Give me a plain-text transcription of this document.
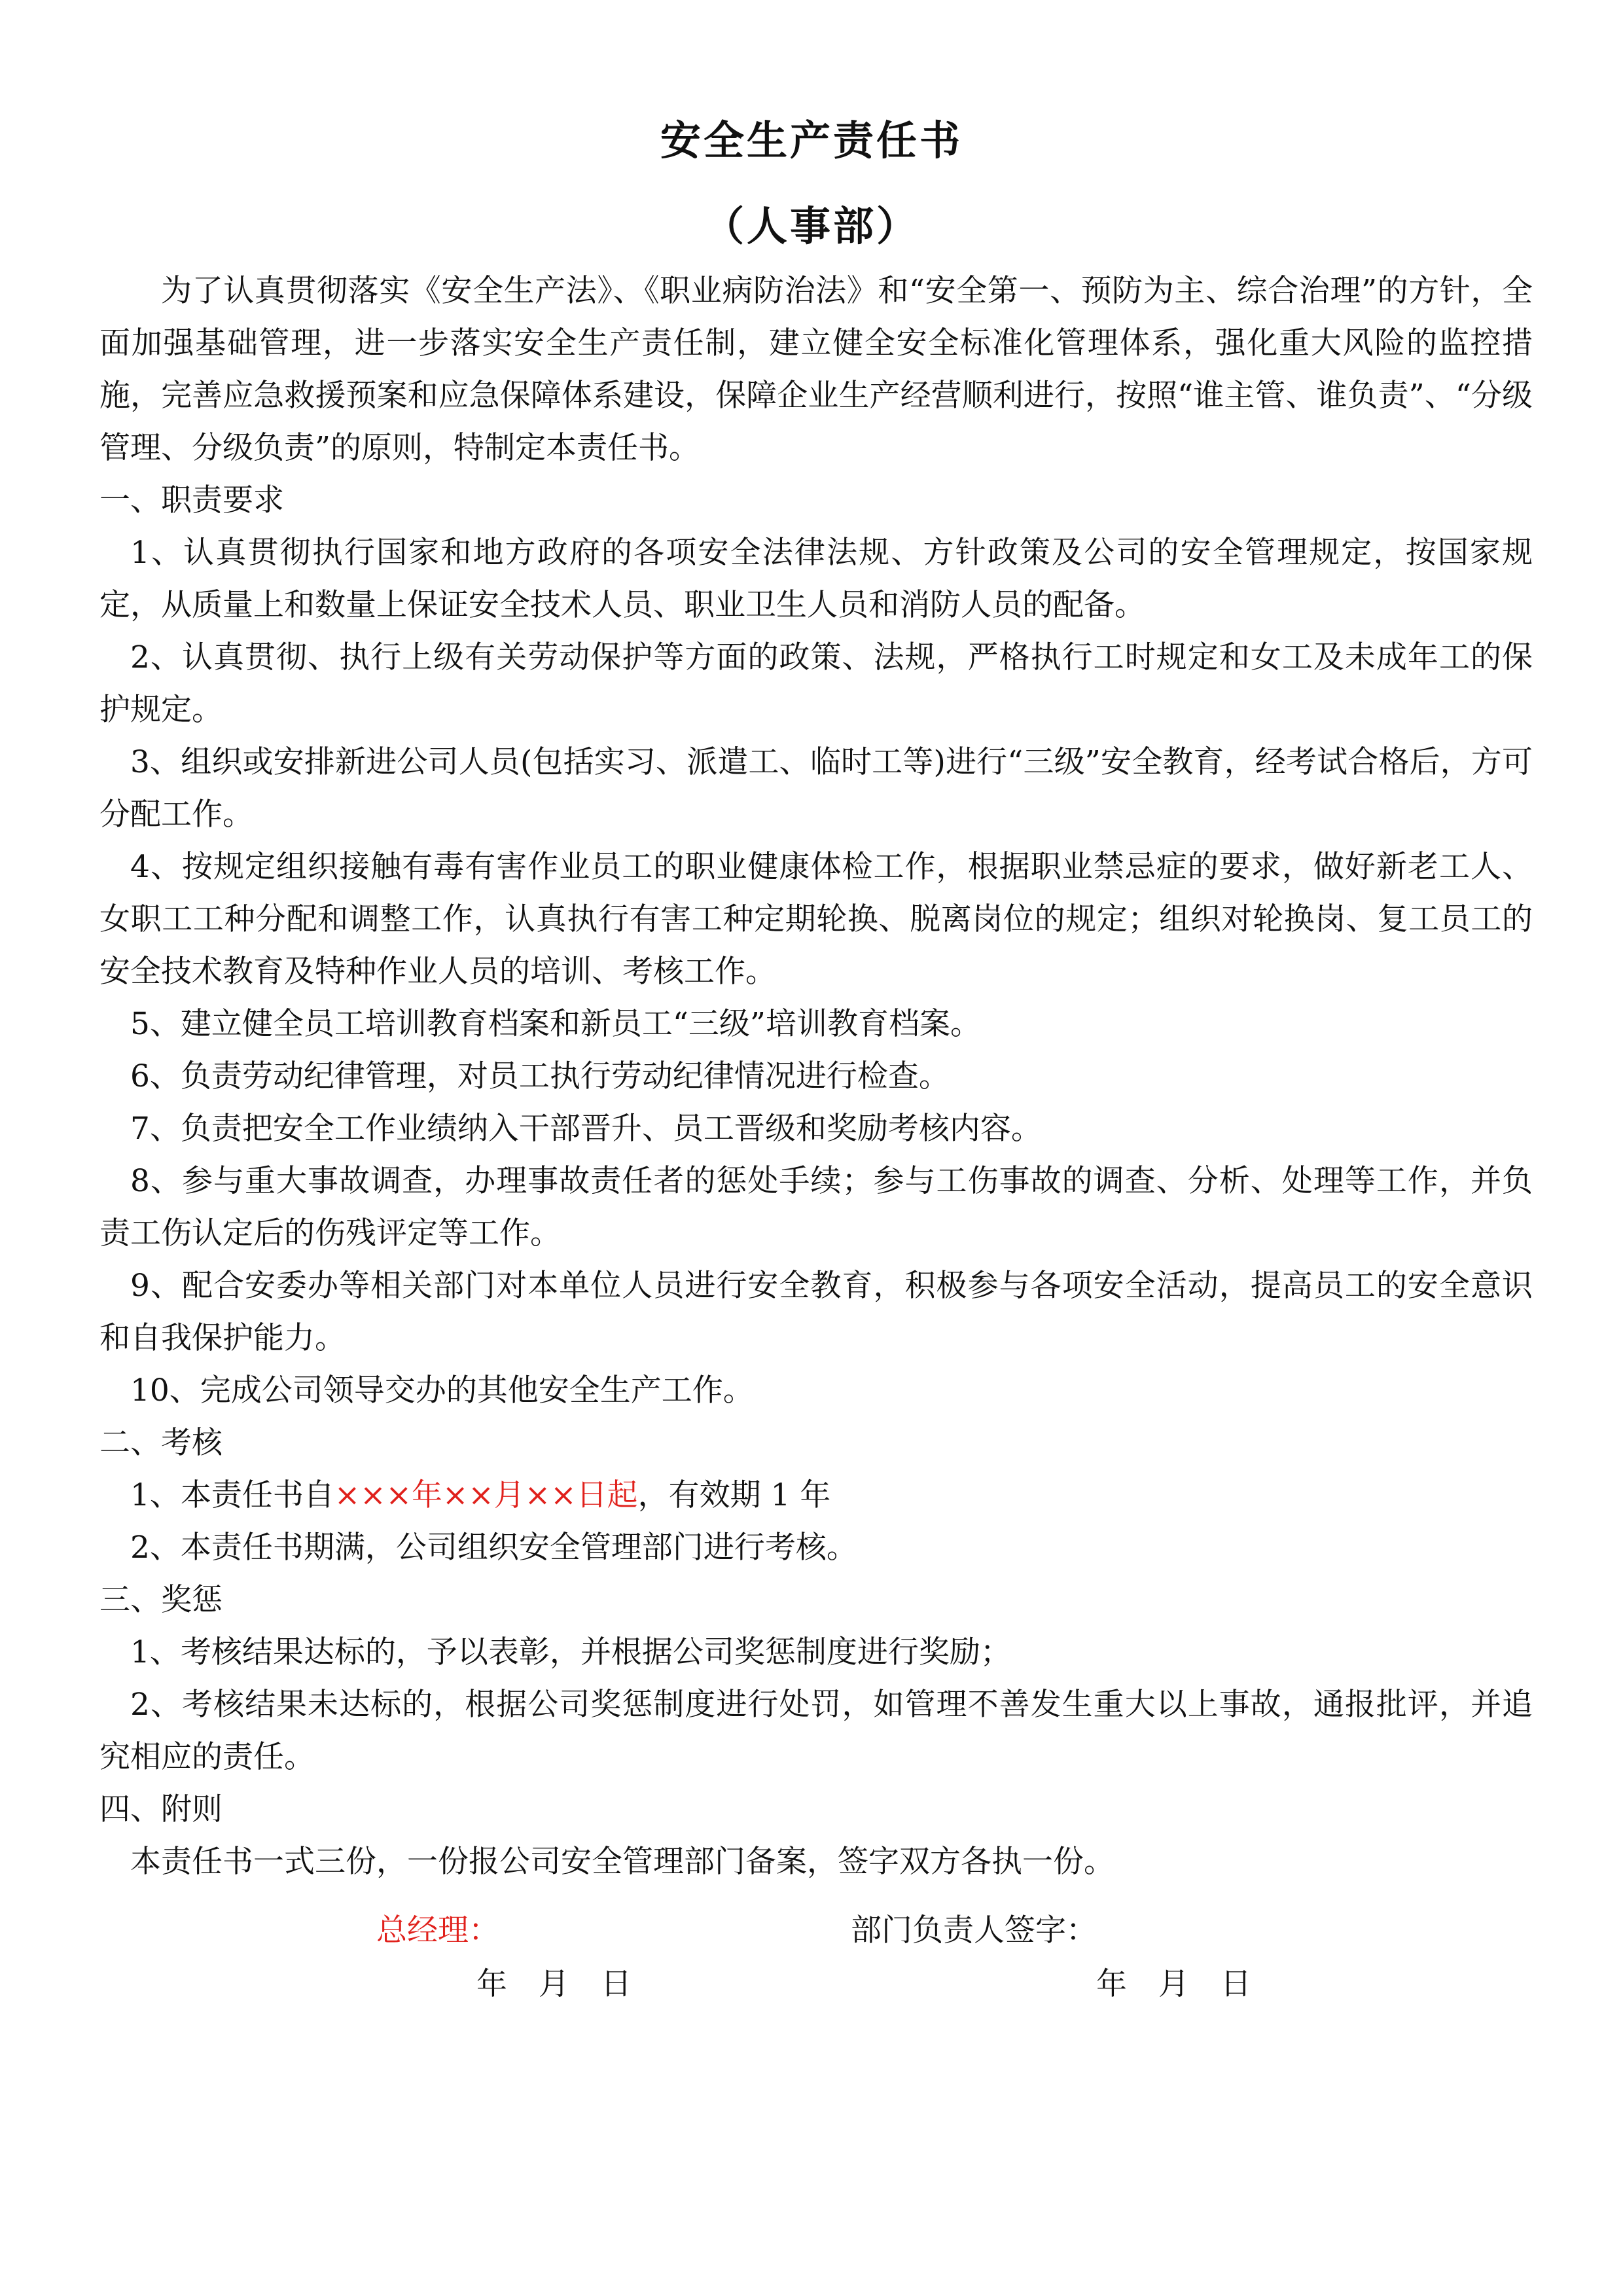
安全生产责任书
（人事部）

为了认真贯彻落实《安全生产法》、《职业病防治法》和“安全第一、预防为主、综合治理”的方针，全面加强基础管理，进一步落实安全生产责任制，建立健全安全标准化管理体系，强化重大风险的监控措施，完善应急救援预案和应急保障体系建设，保障企业生产经营顺利进行，按照“谁主管、谁负责”、“分级管理、分级负责”的原则，特制定本责任书。

一、职责要求

1、认真贯彻执行国家和地方政府的各项安全法律法规、方针政策及公司的安全管理规定，按国家规定，从质量上和数量上保证安全技术人员、职业卫生人员和消防人员的配备。

2、认真贯彻、执行上级有关劳动保护等方面的政策、法规，严格执行工时规定和女工及未成年工的保护规定。

3、组织或安排新进公司人员(包括实习、派遣工、临时工等)进行“三级”安全教育，经考试合格后，方可分配工作。

4、按规定组织接触有毒有害作业员工的职业健康体检工作，根据职业禁忌症的要求，做好新老工人、女职工工种分配和调整工作，认真执行有害工种定期轮换、脱离岗位的规定；组织对轮换岗、复工员工的安全技术教育及特种作业人员的培训、考核工作。

5、建立健全员工培训教育档案和新员工“三级”培训教育档案。

6、负责劳动纪律管理，对员工执行劳动纪律情况进行检查。

7、负责把安全工作业绩纳入干部晋升、员工晋级和奖励考核内容。

8、参与重大事故调查，办理事故责任者的惩处手续；参与工伤事故的调查、分析、处理等工作，并负责工伤认定后的伤残评定等工作。

9、配合安委办等相关部门对本单位人员进行安全教育，积极参与各项安全活动，提高员工的安全意识和自我保护能力。

10、完成公司领导交办的其他安全生产工作。

二、考核

1、本责任书自×××年××月××日起，有效期 1 年

2、本责任书期满，公司组织安全管理部门进行考核。

三、奖惩

1、考核结果达标的，予以表彰，并根据公司奖惩制度进行奖励；

2、考核结果未达标的，根据公司奖惩制度进行处罚，如管理不善发生重大以上事故，通报批评，并追究相应的责任。

四、附则

本责任书一式三份，一份报公司安全管理部门备案，签字双方各执一份。

总经理：	部门负责人签字：
年 月 日	年 月 日
